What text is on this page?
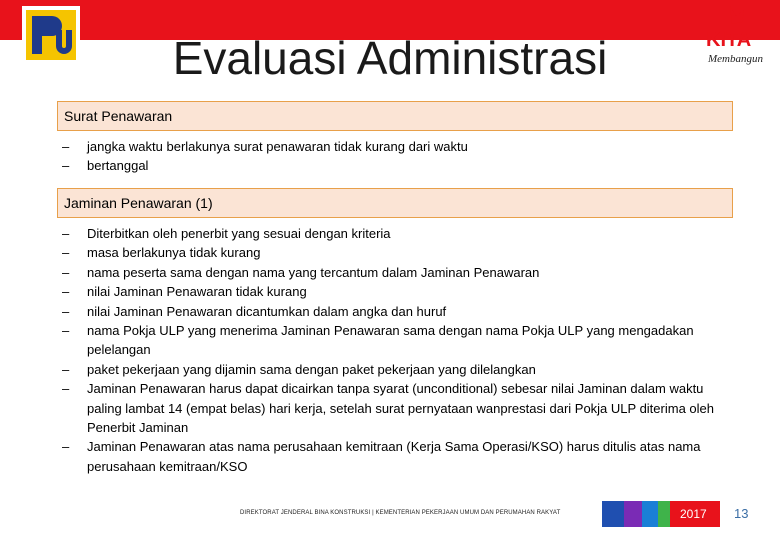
KITA
Membangun
Evaluasi Administrasi
Surat Penawaran
– jangka waktu berlakunya surat penawaran tidak kurang dari waktu
– bertanggal
Jaminan Penawaran (1)
– Diterbitkan oleh penerbit yang sesuai dengan kriteria
– masa berlakunya tidak kurang
– nama peserta sama dengan nama yang tercantum dalam Jaminan Penawaran
– nilai Jaminan Penawaran tidak kurang
– nilai Jaminan Penawaran dicantumkan dalam angka dan huruf
– nama Pokja ULP yang menerima Jaminan Penawaran sama dengan nama Pokja ULP yang mengadakan pelelangan
– paket pekerjaan yang dijamin sama dengan paket pekerjaan yang dilelangkan
– Jaminan Penawaran harus dapat dicairkan tanpa syarat (unconditional) sebesar nilai Jaminan dalam waktu paling lambat 14 (empat belas) hari kerja, setelah surat pernyataan wanprestasi dari Pokja ULP diterima oleh Penerbit Jaminan
– Jaminan Penawaran atas nama perusahaan kemitraan (Kerja Sama Operasi/KSO) harus ditulis atas nama perusahaan kemitraan/KSO
DIREKTORAT JENDERAL BINA KONSTRUKSI | KEMENTERIAN PEKERJAAN UMUM DAN PERUMAHAN RAKYAT	2017 13
